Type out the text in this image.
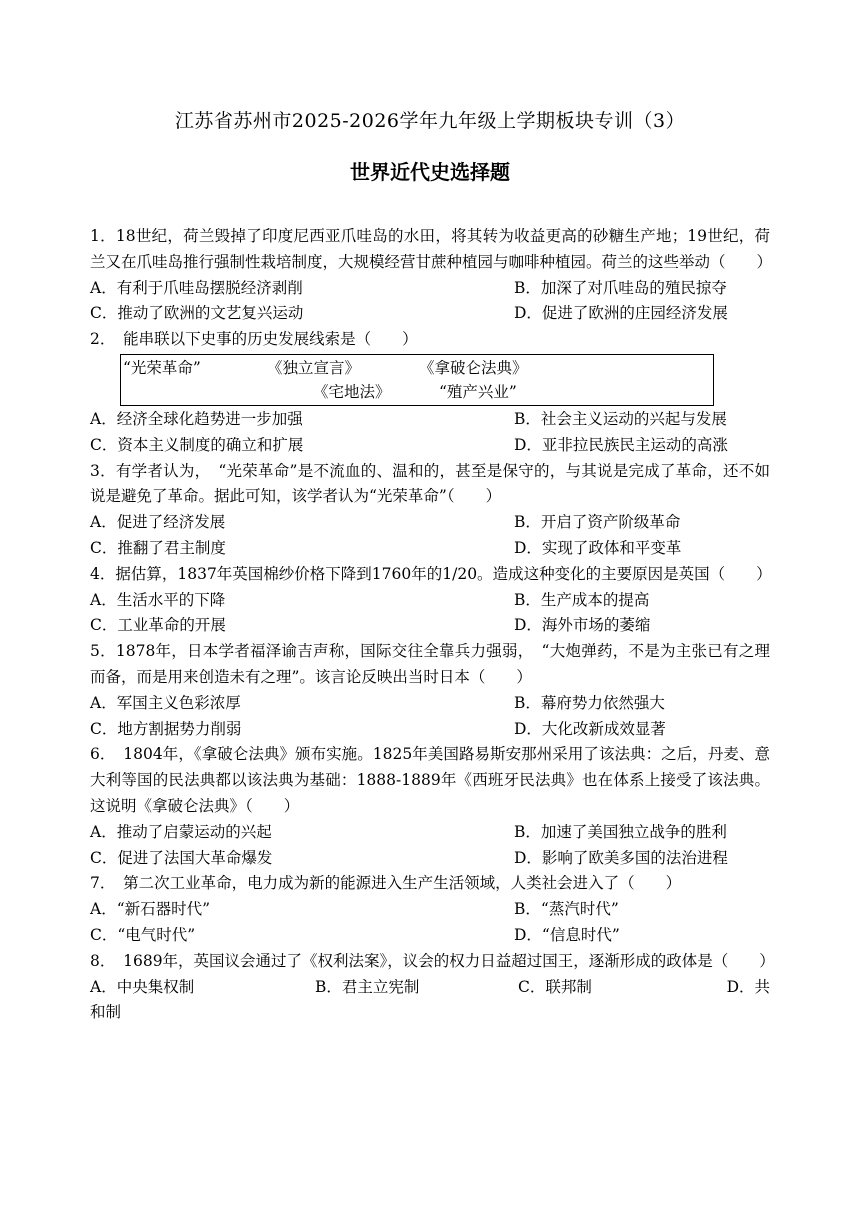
江苏省苏州市2025-2026学年九年级上学期板块专训（3）
世界近代史选择题
1．18世纪，荷兰毁掉了印度尼西亚爪哇岛的水田，将其转为收益更高的砂糖生产地；19世纪，荷兰又在爪哇岛推行强制性栽培制度，大规模经营甘蔗种植园与咖啡种植园。荷兰的这些举动（　　）
A．有利于爪哇岛摆脱经济剥削	B．加深了对爪哇岛的殖民掠夺
C．推动了欧洲的文艺复兴运动	D．促进了欧洲的庄园经济发展
2．　能串联以下史事的历史发展线索是（　　）
“光荣革命”	《独立宣言》	《拿破仑法典》
《宅地法》	“殖产兴业”
A．经济全球化趋势进一步加强	B．社会主义运动的兴起与发展
C．资本主义制度的确立和扩展	D．亚非拉民族民主运动的高涨
3．有学者认为，　“光荣革命”是不流血的、温和的，甚至是保守的，与其说是完成了革命，还不如说是避免了革命。据此可知，该学者认为“光荣革命”（　　）
A．促进了经济发展	B．开启了资产阶级革命
C．推翻了君主制度	D．实现了政体和平变革
4．据估算，1837年英国棉纱价格下降到1760年的1/20。造成这种变化的主要原因是英国（　　）
A．生活水平的下降	B．生产成本的提高
C．工业革命的开展	D．海外市场的萎缩
5．1878年，日本学者福泽谕吉声称，国际交往全靠兵力强弱，　“大炮弹药，不是为主张已有之理而备，而是用来创造未有之理”。该言论反映出当时日本（　　）
A．军国主义色彩浓厚	B．幕府势力依然强大
C．地方割据势力削弱	D．大化改新成效显著
6．　1804年，《拿破仑法典》颁布实施。1825年美国路易斯安那州采用了该法典：之后，丹麦、意大利等国的民法典都以该法典为基础：1888-1889年《西班牙民法典》也在体系上接受了该法典。这说明《拿破仑法典》（　　）
A．推动了启蒙运动的兴起	B．加速了美国独立战争的胜利
C．促进了法国大革命爆发	D．影响了欧美多国的法治进程
7．　第二次工业革命，电力成为新的能源进入生产生活领域，人类社会进入了（　　）
A．“新石器时代”	B．“蒸汽时代”
C．“电气时代”	D．“信息时代”
8．　1689年，英国议会通过了《权利法案》，议会的权力日益超过国王，逐渐形成的政体是（　　）
A．中央集权制	B．君主立宪制	C．联邦制	D．共
和制
